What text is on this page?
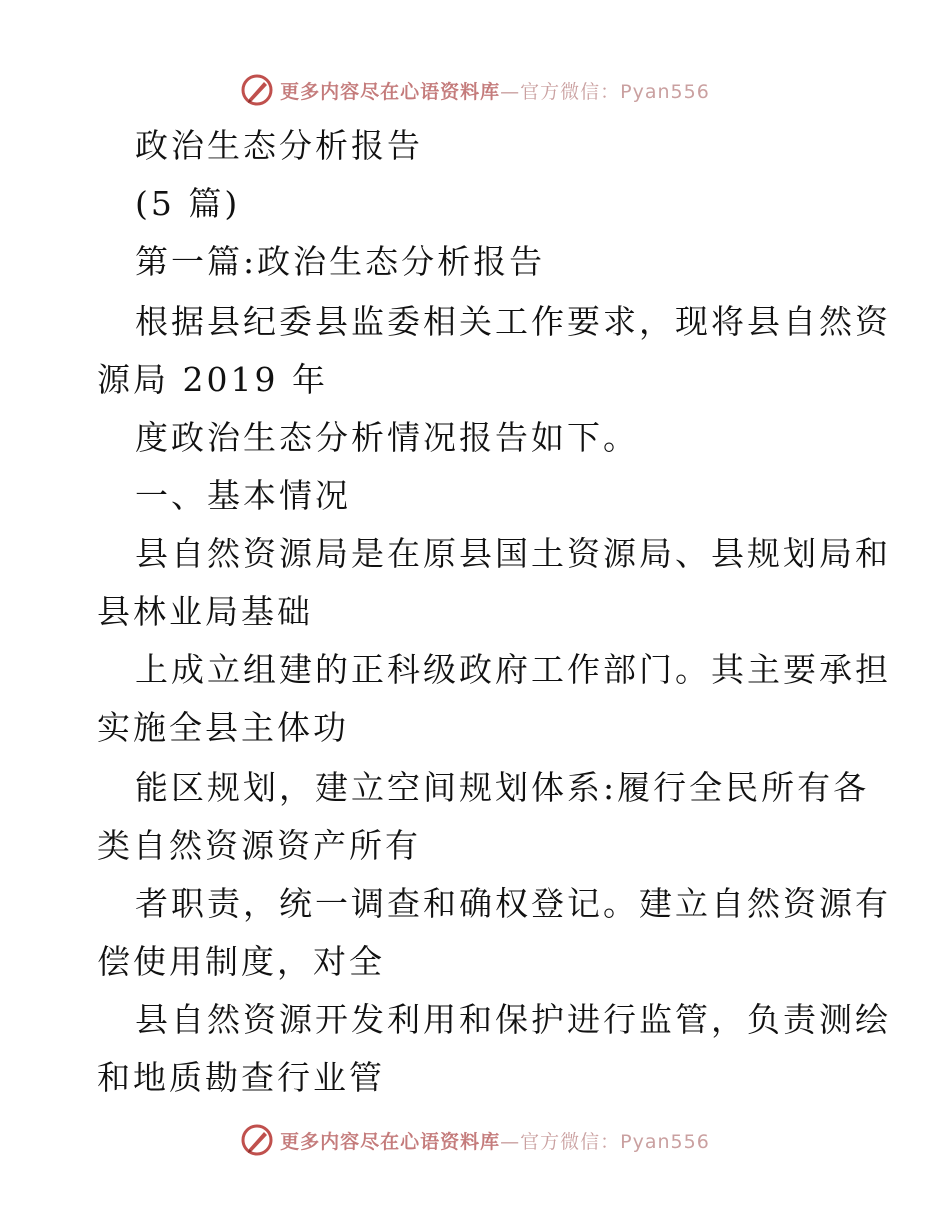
更多内容尽在心语资料库—官方微信：Pyan556
政治生态分析报告
(5 篇)
第一篇:政治生态分析报告
根据县纪委县监委相关工作要求，现将县自然资
源局 2019 年
度政治生态分析情况报告如下。
一、基本情况
县自然资源局是在原县国土资源局、县规划局和
县林业局基础
上成立组建的正科级政府工作部门。其主要承担
实施全县主体功
能区规划，建立空间规划体系:履行全民所有各
类自然资源资产所有
者职责，统一调查和确权登记。建立自然资源有
偿使用制度，对全
县自然资源开发利用和保护进行监管，负责测绘
和地质勘查行业管
更多内容尽在心语资料库—官方微信：Pyan556
